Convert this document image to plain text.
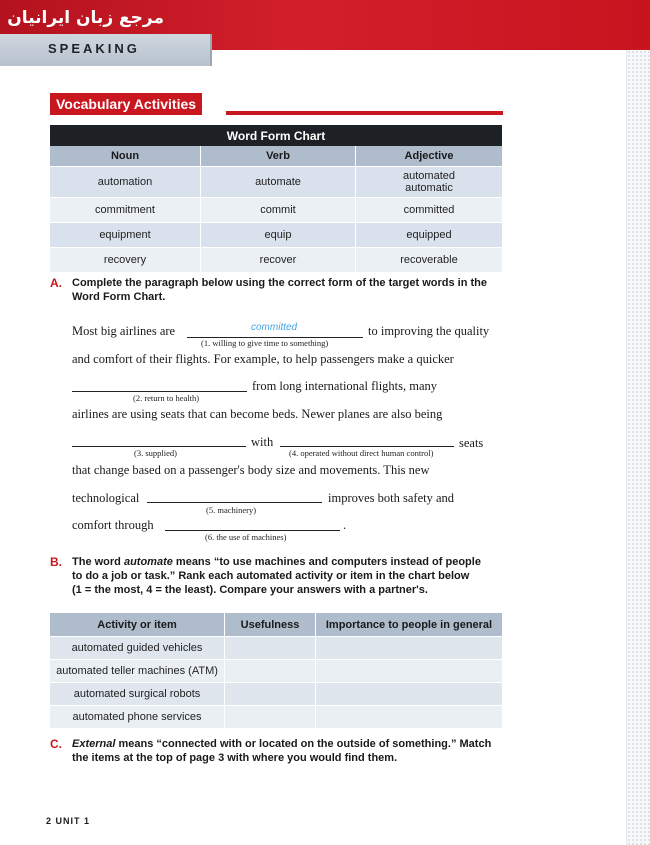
مرجع زبان ایرانیان
SPEAKING
Vocabulary Activities
Word Form Chart		
Noun	Verb	Adjective
automation	automate	automated
automatic
commitment	commit	committed
equipment	equip	equipped
recovery	recover	recoverable
A. Complete the paragraph below using the correct form of the target words in the Word Form Chart.
Most big airlines are	committed	to improving the quality
(1. willing to give time to something)
and comfort of their flights. For example, to help passengers make a quicker
from long international flights, many
(2. return to health)
airlines are using seats that can become beds. Newer planes are also being
with	seats
(3. supplied)	(4. operated without direct human control)
that change based on a passenger's body size and movements. This new
technological	improves both safety and
(5. machinery)
comfort through	.
(6. the use of machines)
B. The word automate means “to use machines and computers instead of people
to do a job or task.” Rank each automated activity or item in the chart below
(1 = the most, 4 = the least). Compare your answers with a partner's.
Activity or item	Usefulness	Importance to people in general
automated guided vehicles		
automated teller machines (ATM)		
automated surgical robots		
automated phone services		
C. External means “connected with or located on the outside of something.” Match
the items at the top of page 3 with where you would find them.
2 UNIT 1
